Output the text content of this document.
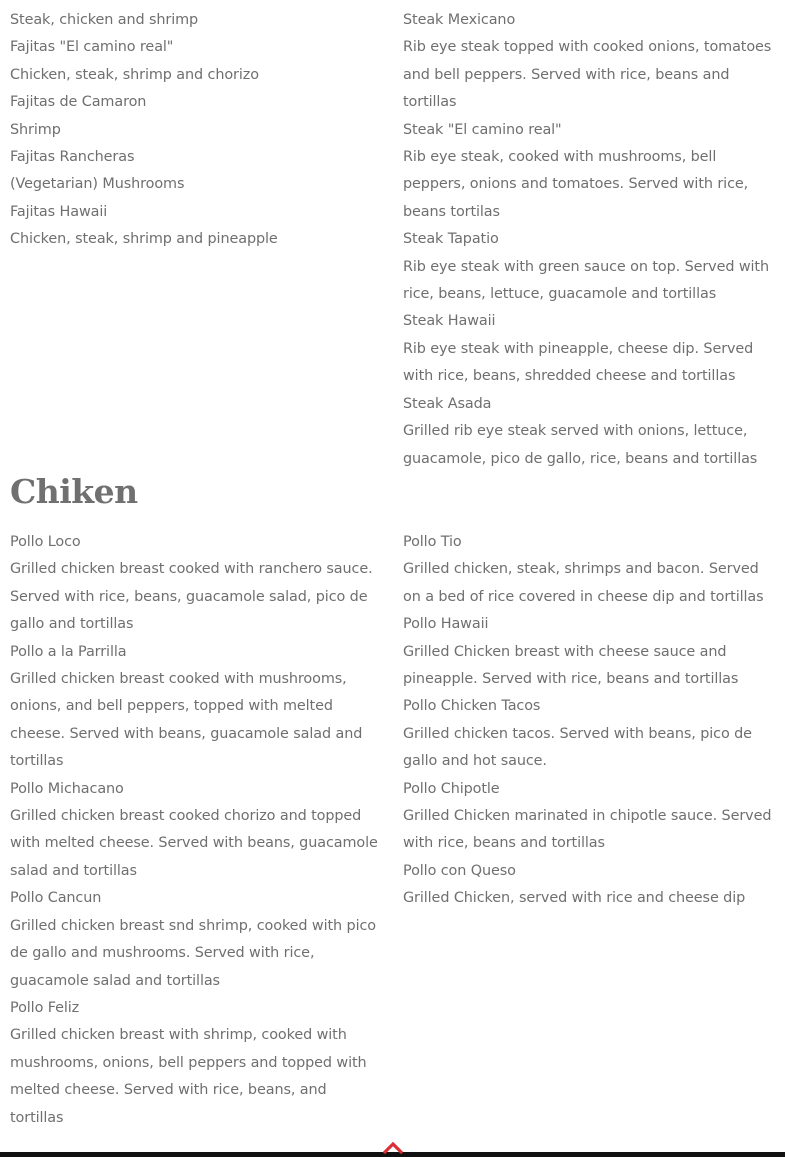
Steak, chicken and shrimp

Fajitas "El camino real"

Chicken, steak, shrimp and chorizo

Fajitas de Camaron

Shrimp

Fajitas Rancheras

(Vegetarian) Mushrooms

Fajitas Hawaii

Chicken, steak, shrimp and pineapple

Steak Mexicano

Rib eye steak topped with cooked onions, tomatoes and bell peppers. Served with rice, beans and tortillas

Steak "El camino real"

Rib eye steak, cooked with mushrooms, bell peppers, onions and tomatoes. Served with rice, beans tortilas

Steak Tapatio

Rib eye steak with green sauce on top. Served with rice, beans, lettuce, guacamole and tortillas

Steak Hawaii

Rib eye steak with pineapple, cheese dip. Served with rice, beans, shredded cheese and tortillas

Steak Asada

Grilled rib eye steak served with onions, lettuce, guacamole, pico de gallo, rice, beans and tortillas

Chiken

Pollo Loco

Grilled chicken breast cooked with ranchero sauce. Served with rice, beans, guacamole salad, pico de gallo and tortillas

Pollo a la Parrilla

Grilled chicken breast cooked with mushrooms, onions, and bell peppers, topped with melted cheese. Served with beans, guacamole salad and tortillas

Pollo Michacano

Grilled chicken breast cooked chorizo and topped with melted cheese. Served with beans, guacamole salad and tortillas

Pollo Cancun

Grilled chicken breast snd shrimp, cooked with pico de gallo and mushrooms. Served with rice, guacamole salad and tortillas

Pollo Feliz

Grilled chicken breast with shrimp, cooked with mushrooms, onions, bell peppers and topped with melted cheese. Served with rice, beans, and tortillas

Pollo Tio

Grilled chicken, steak, shrimps and bacon. Served on a bed of rice covered in cheese dip and tortillas

Pollo Hawaii

Grilled Chicken breast with cheese sauce and pineapple. Served with rice, beans and tortillas

Pollo Chicken Tacos

Grilled chicken tacos. Served with beans, pico de gallo and hot sauce.

Pollo Chipotle

Grilled Chicken marinated in chipotle sauce. Served with rice, beans and tortillas

Pollo con Queso

Grilled Chicken, served with rice and cheese dip
